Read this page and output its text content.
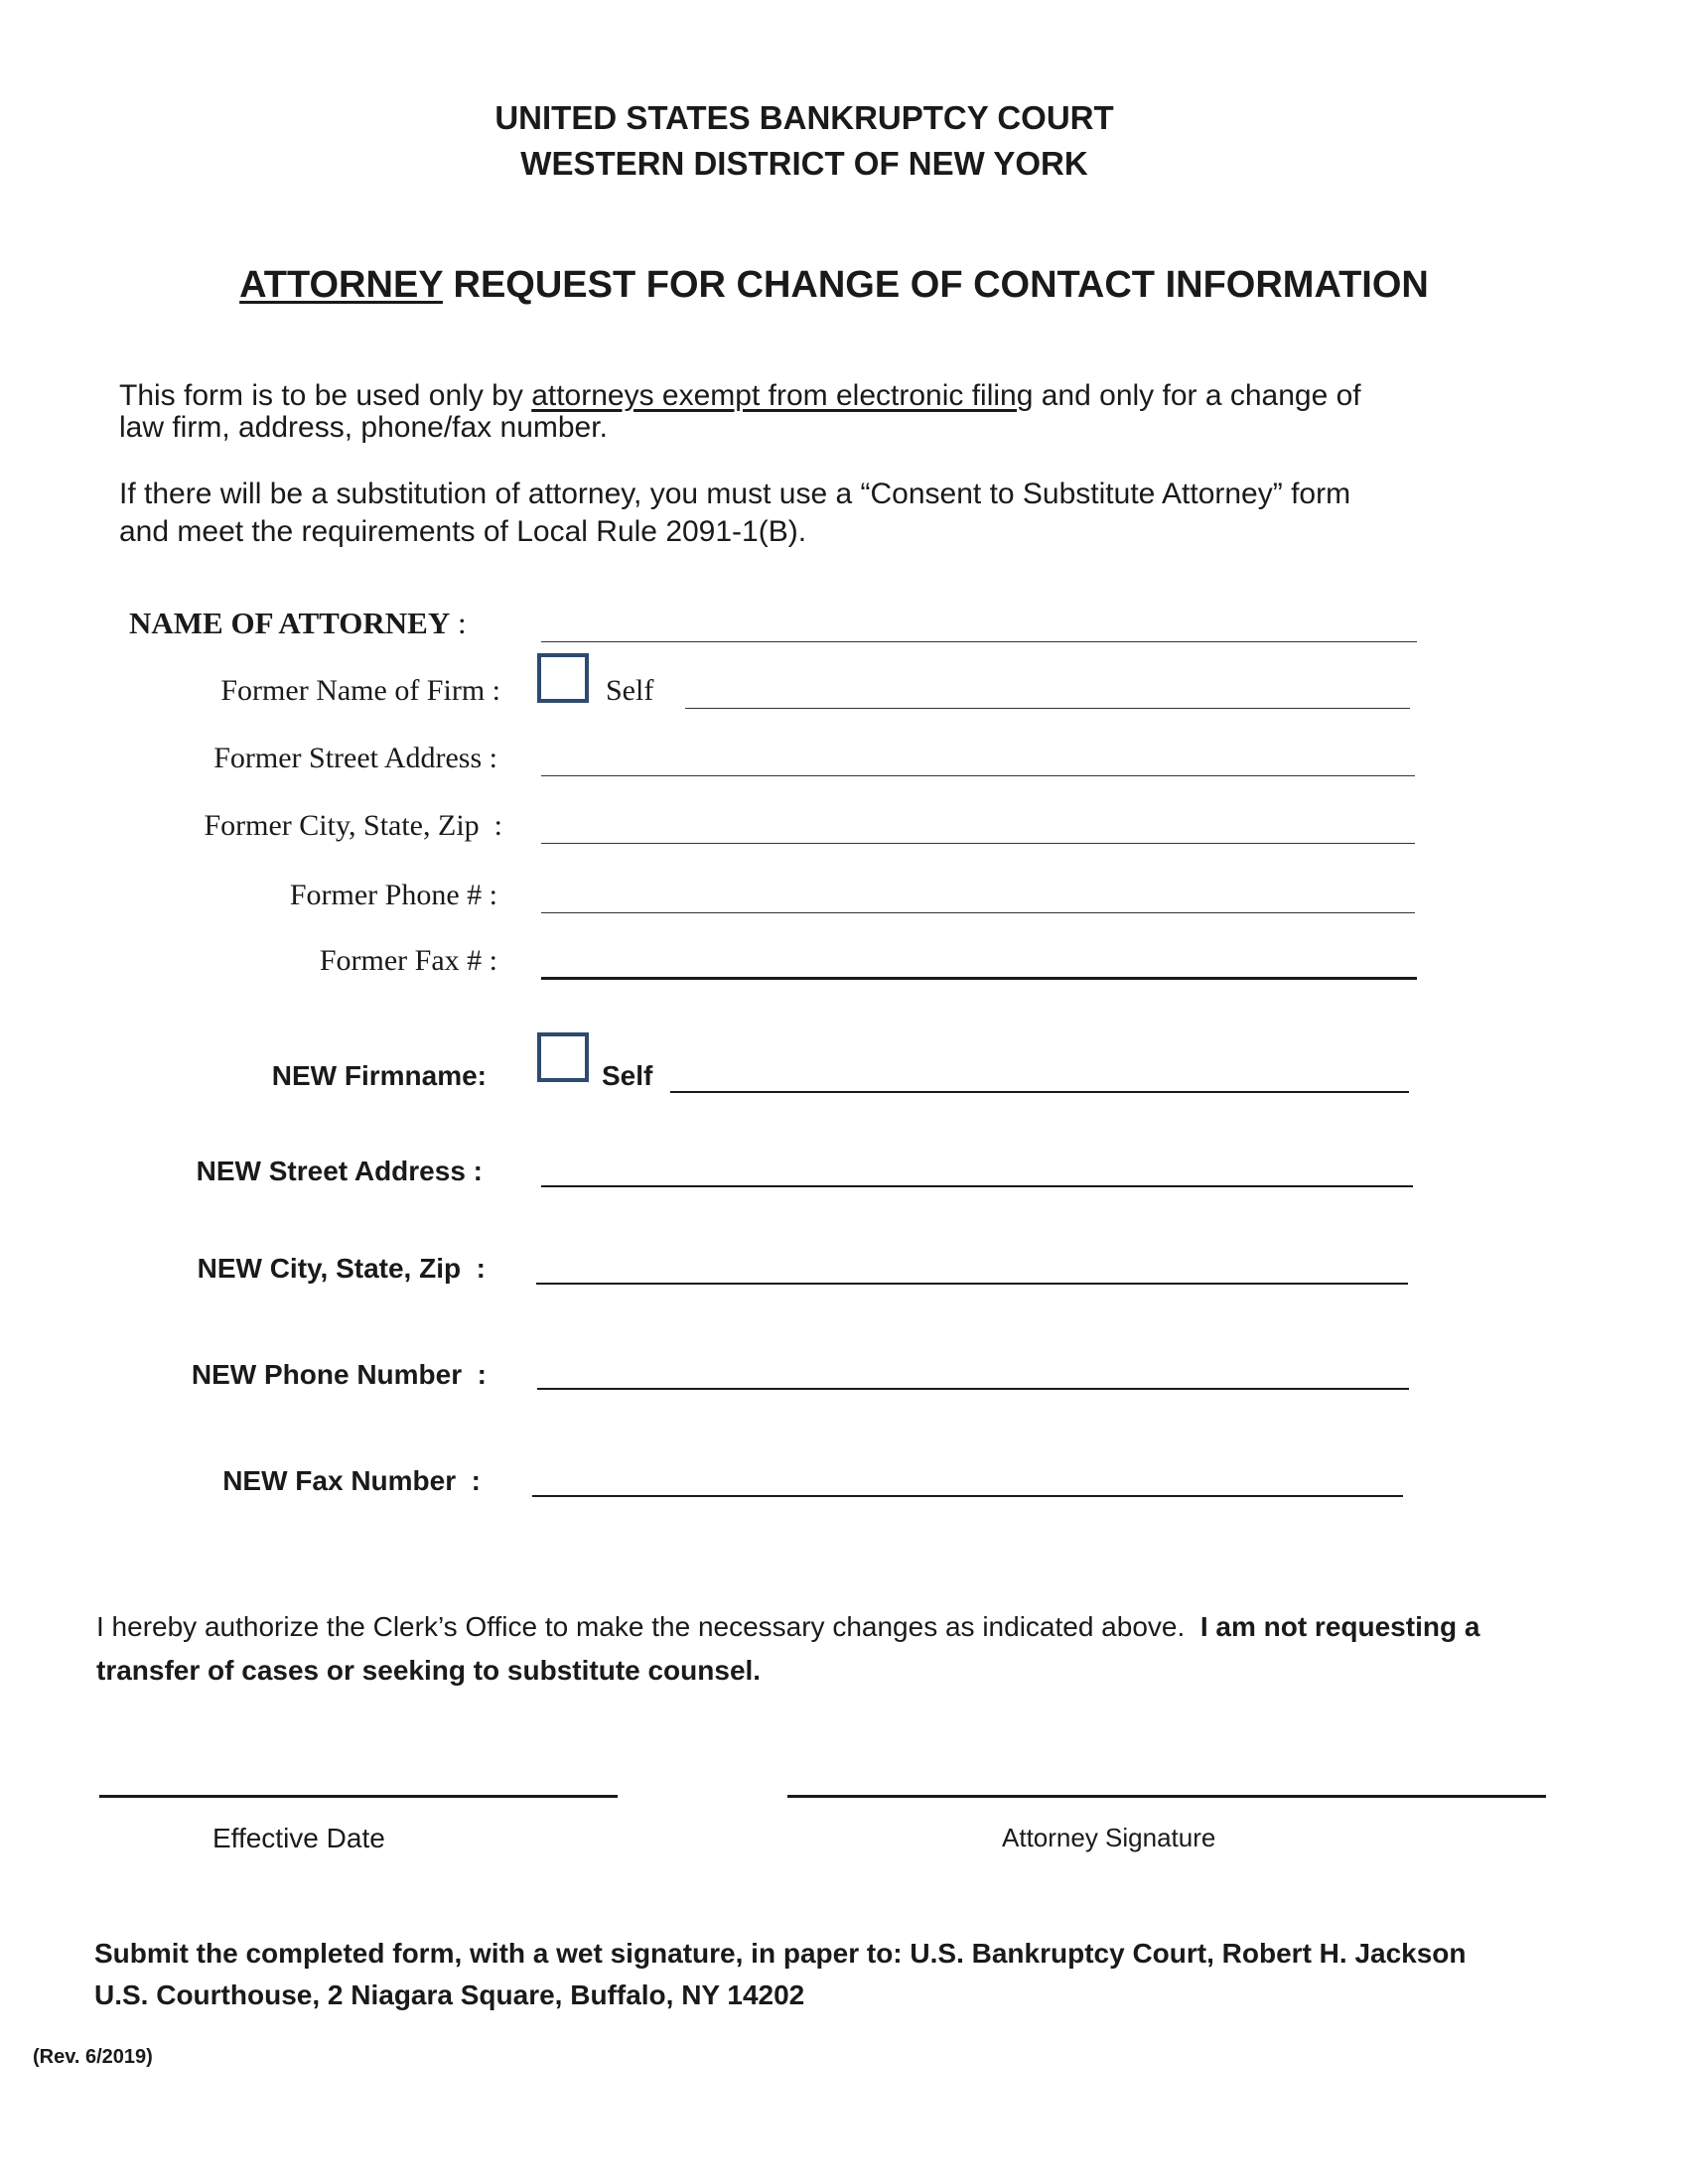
UNITED STATES BANKRUPTCY COURT
WESTERN DISTRICT OF NEW YORK
ATTORNEY REQUEST FOR CHANGE OF CONTACT INFORMATION
This form is to be used only by attorneys exempt from electronic filing and only for a change of
law firm, address, phone/fax number.
If there will be a substitution of attorney, you must use a “Consent to Substitute Attorney” form
and meet the requirements of Local Rule 2091-1(B).
NAME OF ATTORNEY :
Former Name of Firm :	Self
Former Street Address :
Former City, State, Zip  :
Former Phone # :
Former Fax # :
NEW Firmname:	Self
NEW Street Address :
NEW City, State, Zip  :
NEW Phone Number  :
NEW Fax Number  :
I hereby authorize the Clerk’s Office to make the necessary changes as indicated above.  I am not requesting a
transfer of cases or seeking to substitute counsel.
Effective Date	Attorney Signature
Submit the completed form, with a wet signature, in paper to: U.S. Bankruptcy Court, Robert H. Jackson
U.S. Courthouse, 2 Niagara Square, Buffalo, NY 14202
(Rev. 6/2019)
